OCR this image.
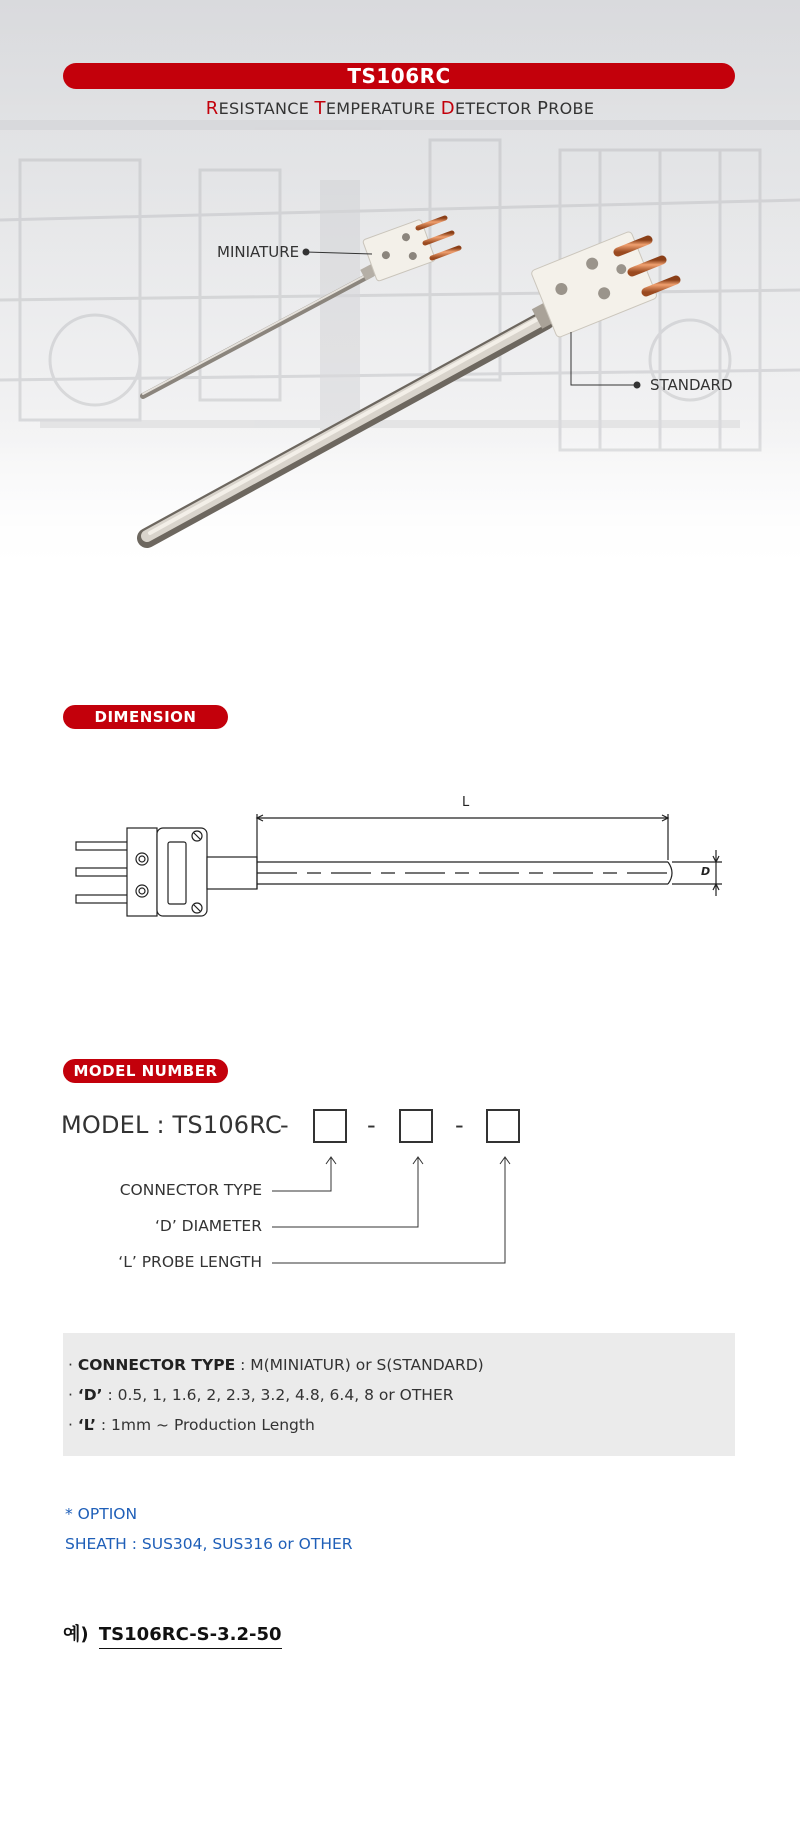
TS106RC
RESISTANCE TEMPERATURE DETECTOR PROBE
MINIATURE
STANDARD
DIMENSION
L
D
MODEL NUMBER
MODEL : TS106RC
-	-	-
CONNECTOR TYPE
‘D’ DIAMETER
‘L’ PROBE LENGTH
· CONNECTOR TYPE : M(MINIATUR) or S(STANDARD)
· ‘D’ : 0.5, 1, 1.6, 2, 2.3, 3.2, 4.8, 6.4, 8 or OTHER
· ‘L’ : 1mm ~ Production Length
* OPTION
SHEATH : SUS304, SUS316 or OTHER
예) TS106RC-S-3.2-50
